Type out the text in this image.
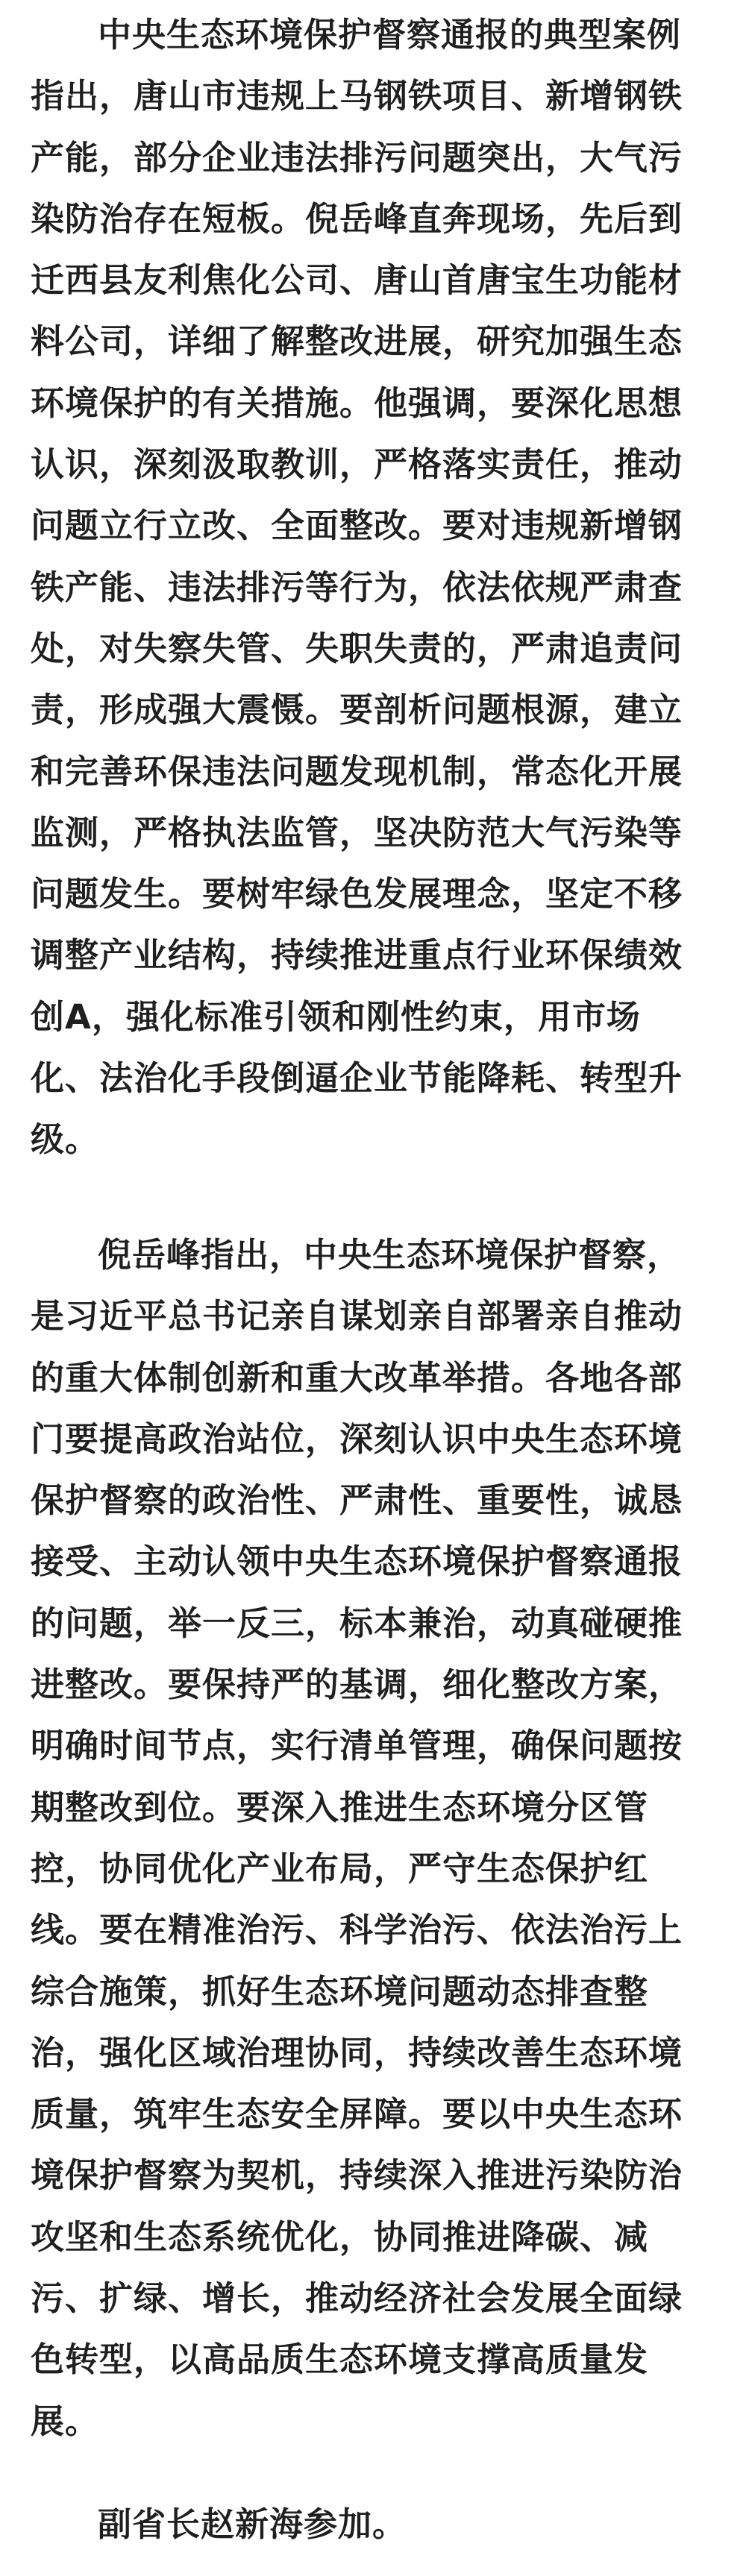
中央生态环境保护督察通报的典型案例
指出，唐山市违规上马钢铁项目、新增钢铁
产能，部分企业违法排污问题突出，大气污
染防治存在短板。倪岳峰直奔现场，先后到
迁西县友利焦化公司、唐山首唐宝生功能材
料公司，详细了解整改进展，研究加强生态
环境保护的有关措施。他强调，要深化思想
认识，深刻汲取教训，严格落实责任，推动
问题立行立改、全面整改。要对违规新增钢
铁产能、违法排污等行为，依法依规严肃查
处，对失察失管、失职失责的，严肃追责问
责，形成强大震慑。要剖析问题根源，建立
和完善环保违法问题发现机制，常态化开展
监测，严格执法监管，坚决防范大气污染等
问题发生。要树牢绿色发展理念，坚定不移
调整产业结构，持续推进重点行业环保绩效
创A，强化标准引领和刚性约束，用市场
化、法治化手段倒逼企业节能降耗、转型升
级。
倪岳峰指出，中央生态环境保护督察，
是习近平总书记亲自谋划亲自部署亲自推动
的重大体制创新和重大改革举措。各地各部
门要提高政治站位，深刻认识中央生态环境
保护督察的政治性、严肃性、重要性，诚恳
接受、主动认领中央生态环境保护督察通报
的问题，举一反三，标本兼治，动真碰硬推
进整改。要保持严的基调，细化整改方案，
明确时间节点，实行清单管理，确保问题按
期整改到位。要深入推进生态环境分区管
控，协同优化产业布局，严守生态保护红
线。要在精准治污、科学治污、依法治污上
综合施策，抓好生态环境问题动态排查整
治，强化区域治理协同，持续改善生态环境
质量，筑牢生态安全屏障。要以中央生态环
境保护督察为契机，持续深入推进污染防治
攻坚和生态系统优化，协同推进降碳、减
污、扩绿、增长，推动经济社会发展全面绿
色转型，以高品质生态环境支撑高质量发
展。
副省长赵新海参加。
